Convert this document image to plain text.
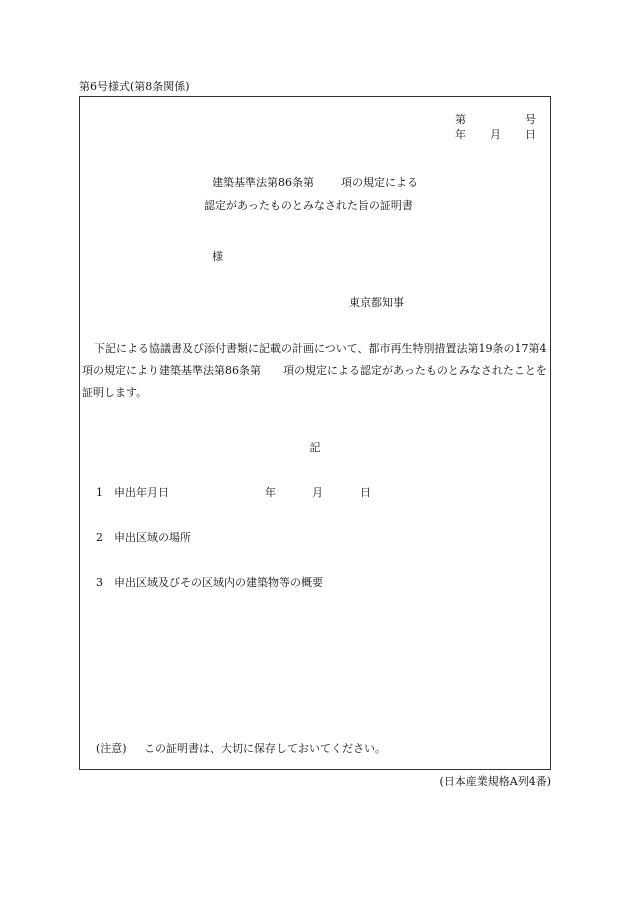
第6号様式(第8条関係)
第	号
年 月 日
建築基準法第86条第 項の規定による
認定があったものとみなされた旨の証明書
様
東京都知事
下記による協議書及び添付書類に記載の計画について、都市再生特別措置法第19条の17第4項の規定により建築基準法第86条第　　項の規定による認定があったものとみなされたことを証明します。
記
1 申出年月日	年	月	日
2 申出区域の場所
3 申出区域及びその区域内の建築物等の概要
(注意) この証明書は、大切に保存しておいてください。
(日本産業規格A列4番)
